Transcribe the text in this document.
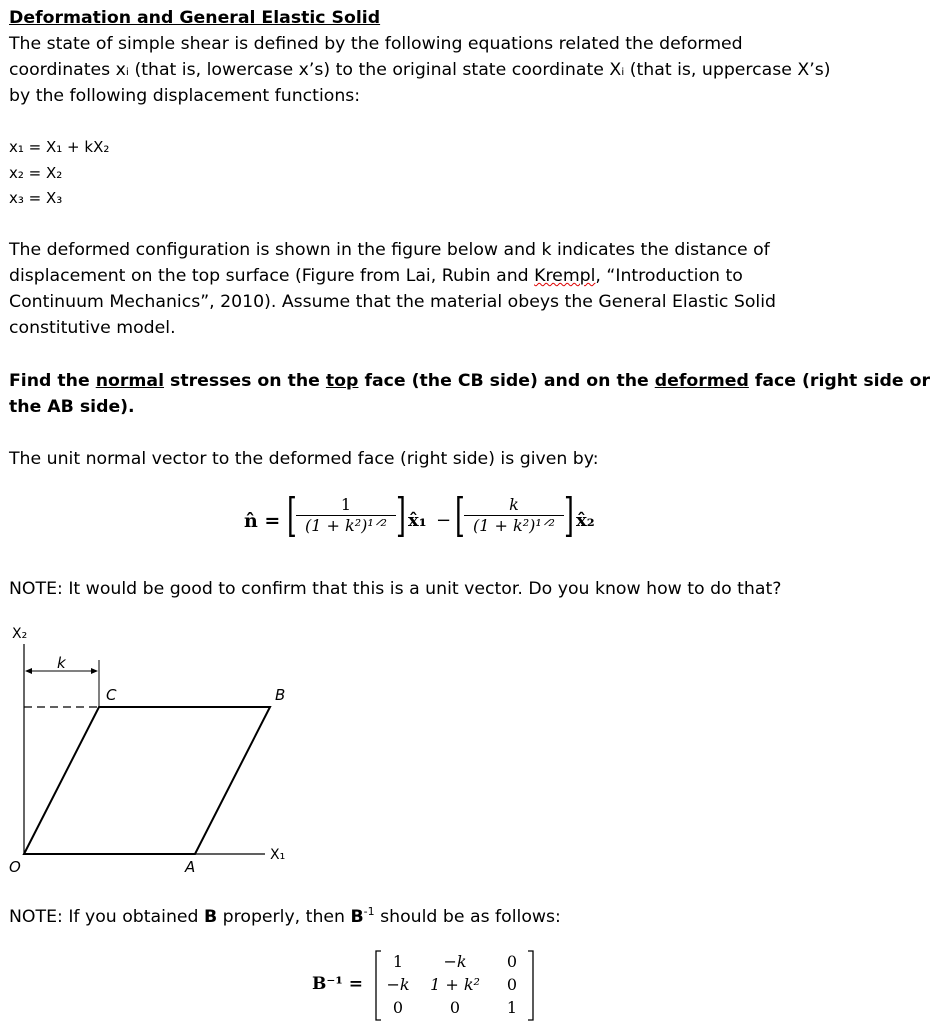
Deformation and General Elastic Solid
The state of simple shear is defined by the following equations related the deformed
coordinates xᵢ (that is, lowercase x’s) to the original state coordinate Xᵢ (that is, uppercase X’s)
by the following displacement functions:
x₁ = X₁ + kX₂
x₂ = X₂
x₃ = X₃
The deformed configuration is shown in the figure below and k indicates the distance of
displacement on the top surface (Figure from Lai, Rubin and Krempl, “Introduction to
Continuum Mechanics”, 2010). Assume that the material obeys the General Elastic Solid
constitutive model.
Find the normal stresses on the top face (the CB side) and on the deformed face (right side or
the AB side).
The unit normal vector to the deformed face (right side) is given by:
n̂ = [	1
(1 + k²)¹ᐟ² ] x̂₁ − [	k
(1 + k²)¹ᐟ² ] x̂₂
NOTE: It would be good to confirm that this is a unit vector. Do you know how to do that?
X₂
X₁
k
O	A
B
C
NOTE: If you obtained B properly, then $B^{-1}$ should be as follows:
B⁻¹ =
1	−k	0
−k	1 + k²	0
0	0	1
